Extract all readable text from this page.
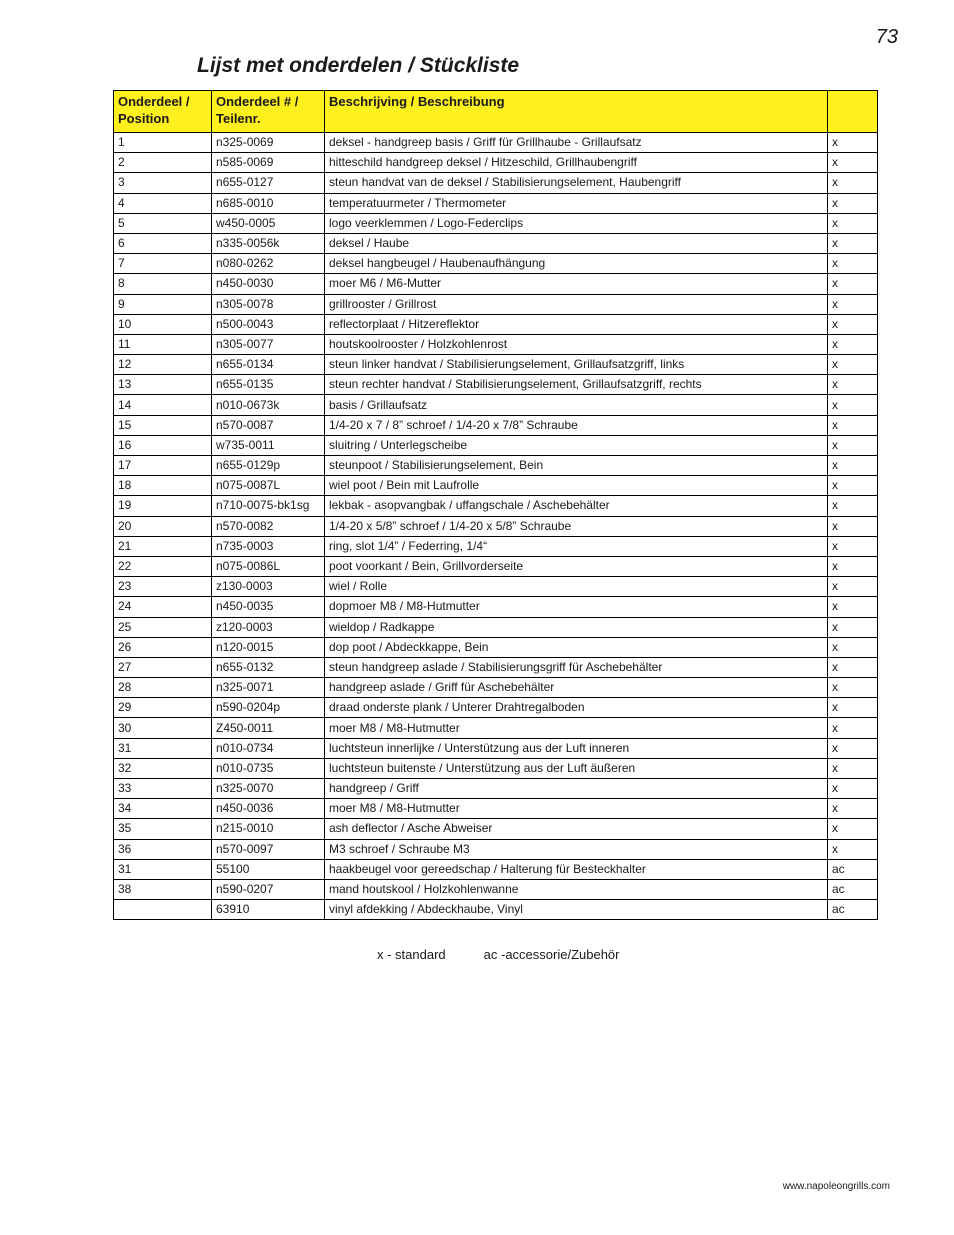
73
Lijst met onderdelen / Stückliste
Onderdeel / Position	Onderdeel # / Teilenr.	Beschrijving / Beschreibung	
1	n325-0069	deksel - handgreep basis / Griff für Grillhaube - Grillaufsatz	x
2	n585-0069	hitteschild handgreep deksel / Hitzeschild, Grillhaubengriff	x
3	n655-0127	steun handvat van de deksel / Stabilisierungselement, Haubengriff	x
4	n685-0010	temperatuurmeter / Thermometer	x
5	w450-0005	logo veerklemmen / Logo-Federclips	x
6	n335-0056k	deksel / Haube	x
7	n080-0262	deksel hangbeugel / Haubenaufhängung	x
8	n450-0030	moer M6 / M6-Mutter	x
9	n305-0078	grillrooster / Grillrost	x
10	n500-0043	reflectorplaat / Hitzereflektor	x
11	n305-0077	houtskoolrooster / Holzkohlenrost	x
12	n655-0134	steun linker handvat / Stabilisierungselement, Grillaufsatzgriff, links	x
13	n655-0135	steun rechter handvat / Stabilisierungselement, Grillaufsatzgriff, rechts	x
14	n010-0673k	basis / Grillaufsatz	x
15	n570-0087	1/4-20 x 7 / 8” schroef / 1/4-20 x 7/8” Schraube	x
16	w735-0011	sluitring / Unterlegscheibe	x
17	n655-0129p	steunpoot / Stabilisierungselement, Bein	x
18	n075-0087L	wiel poot / Bein mit Laufrolle	x
19	n710-0075-bk1sg	lekbak - asopvangbak / uffangschale / Aschebehälter	x
20	n570-0082	1/4-20 x 5/8” schroef / 1/4-20 x 5/8” Schraube	x
21	n735-0003	ring, slot 1/4” / Federring, 1/4“	x
22	n075-0086L	poot voorkant / Bein, Grillvorderseite	x
23	z130-0003	wiel / Rolle	x
24	n450-0035	dopmoer M8 / M8-Hutmutter	x
25	z120-0003	wieldop / Radkappe	x
26	n120-0015	dop poot / Abdeckkappe, Bein	x
27	n655-0132	steun handgreep aslade / Stabilisierungsgriff für Aschebehälter	x
28	n325-0071	handgreep aslade / Griff für Aschebehälter	x
29	n590-0204p	draad onderste plank / Unterer Drahtregalboden	x
30	Z450-0011	moer M8 / M8-Hutmutter	x
31	n010-0734	luchtsteun innerlijke / Unterstützung aus der Luft inneren	x
32	n010-0735	luchtsteun buitenste / Unterstützung aus der Luft äußeren	x
33	n325-0070	handgreep / Griff	x
34	n450-0036	moer M8 / M8-Hutmutter	x
35	n215-0010	ash deflector / Asche Abweiser	x
36	n570-0097	M3 schroef / Schraube M3	x
31	55100	haakbeugel voor gereedschap / Halterung für Besteckhalter	ac
38	n590-0207	mand houtskool / Holzkohlenwanne	ac
	63910	vinyl afdekking / Abdeckhaube, Vinyl	ac
x - standard	ac -accessorie/Zubehör
www.napoleongrills.com
